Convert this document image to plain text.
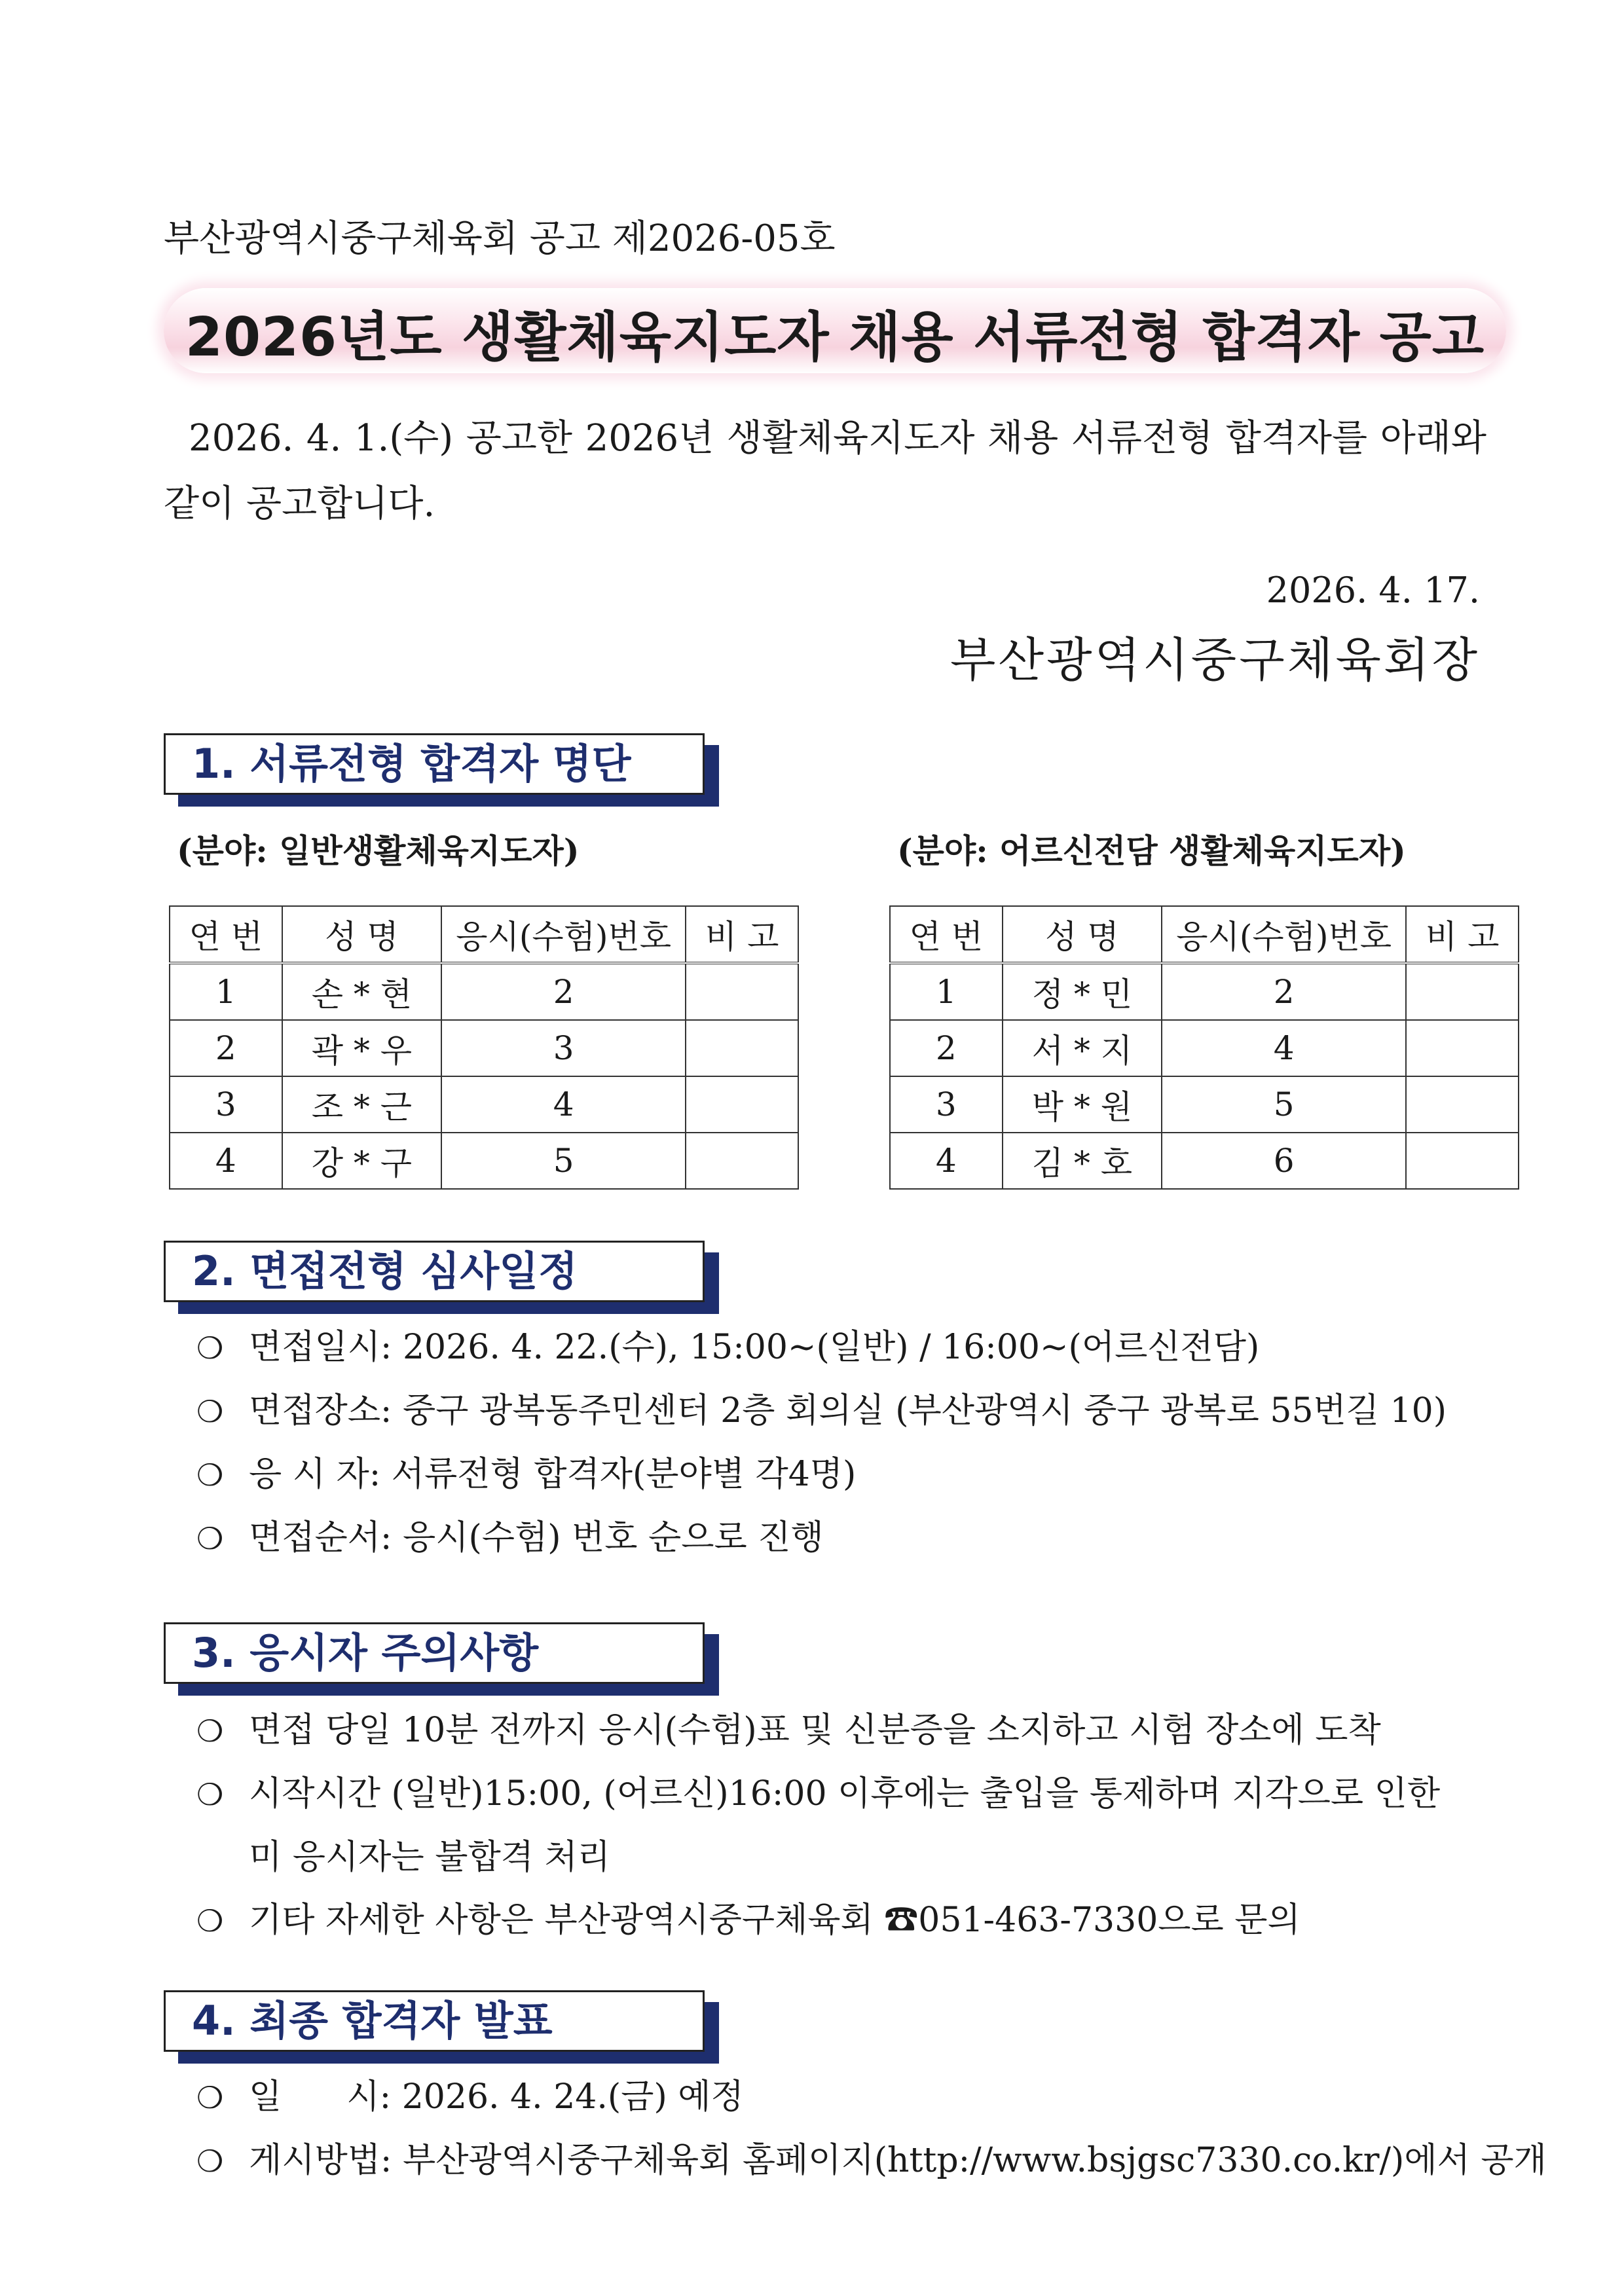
부산광역시중구체육회 공고 제2026-05호
2026년도 생활체육지도자 채용 서류전형 합격자 공고
2026. 4. 1.(수) 공고한 2026년 생활체육지도자 채용 서류전형 합격자를 아래와 같이 공고합니다.
2026. 4. 17.
부산광역시중구체육회장
1. 서류전형 합격자 명단
(분야: 일반생활체육지도자)	(분야: 어르신전담 생활체육지도자)
연 번	성 명	응시(수험)번호	비 고
1	손 * 현	2	
2	곽 * 우	3	
3	조 * 근	4	
4	강 * 구	5	
연 번	성 명	응시(수험)번호	비 고
1	정 * 민	2	
2	서 * 지	4	
3	박 * 원	5	
4	김 * 호	6	
2. 면접전형 심사일정
❍ 면접일시: 2026. 4. 22.(수), 15:00~(일반) / 16:00~(어르신전담)
❍ 면접장소: 중구 광복동주민센터 2층 회의실 (부산광역시 중구 광복로 55번길 10)
❍ 응 시 자: 서류전형 합격자(분야별 각4명)
❍ 면접순서: 응시(수험) 번호 순으로 진행
3. 응시자 주의사항
❍ 면접 당일 10분 전까지 응시(수험)표 및 신분증을 소지하고 시험 장소에 도착
❍ 시작시간 (일반)15:00, (어르신)16:00 이후에는 출입을 통제하며 지각으로 인한
미 응시자는 불합격 처리
❍ 기타 자세한 사항은 부산광역시중구체육회 ☎051-463-7330으로 문의
4. 최종 합격자 발표
❍ 일      시: 2026. 4. 24.(금) 예정
❍ 게시방법: 부산광역시중구체육회 홈페이지(http://www.bsjgsc7330.co.kr/)에서 공개
